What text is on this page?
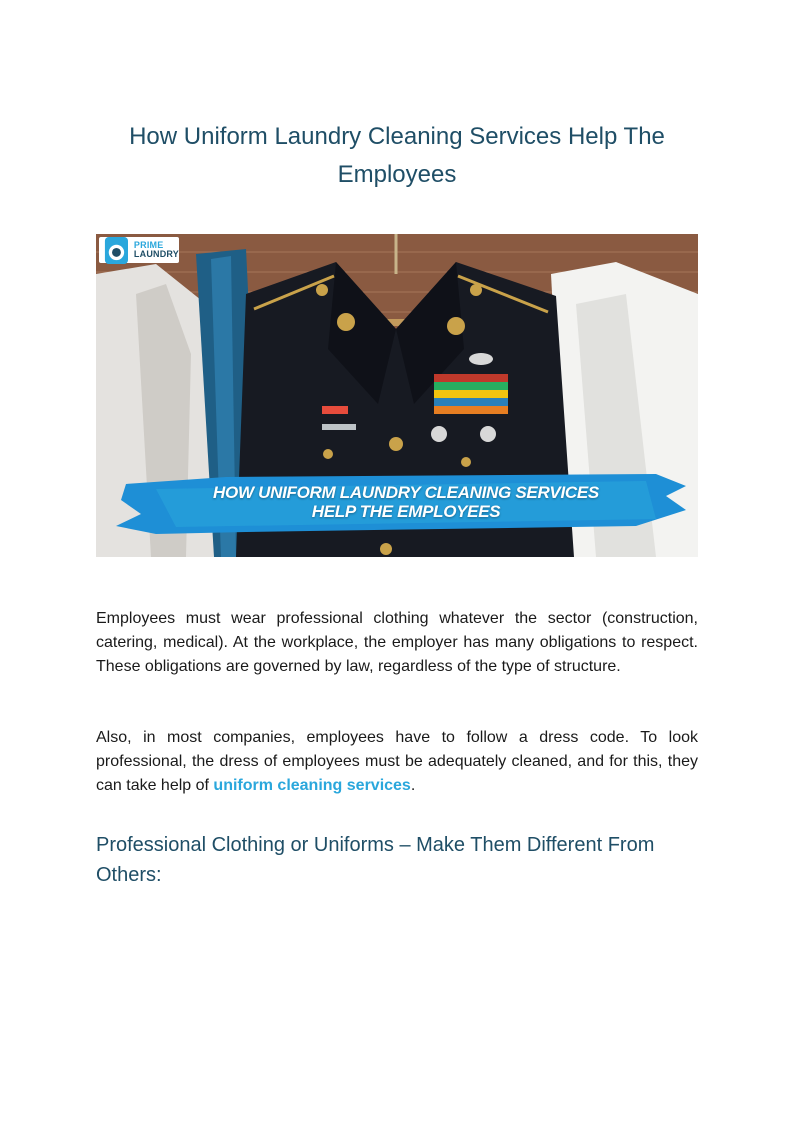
How Uniform Laundry Cleaning Services Help The Employees
PRIME
LAUNDRY
HOW UNIFORM LAUNDRY CLEANING SERVICES
HELP THE EMPLOYEES

Employees must wear professional clothing whatever the sector (construction, catering, medical). At the workplace, the employer has many obligations to respect. These obligations are governed by law, regardless of the type of structure.

Also, in most companies, employees have to follow a dress code. To look professional, the dress of employees must be adequately cleaned, and for this, they can take help of uniform cleaning services.

Professional Clothing or Uniforms – Make Them Different From Others:
